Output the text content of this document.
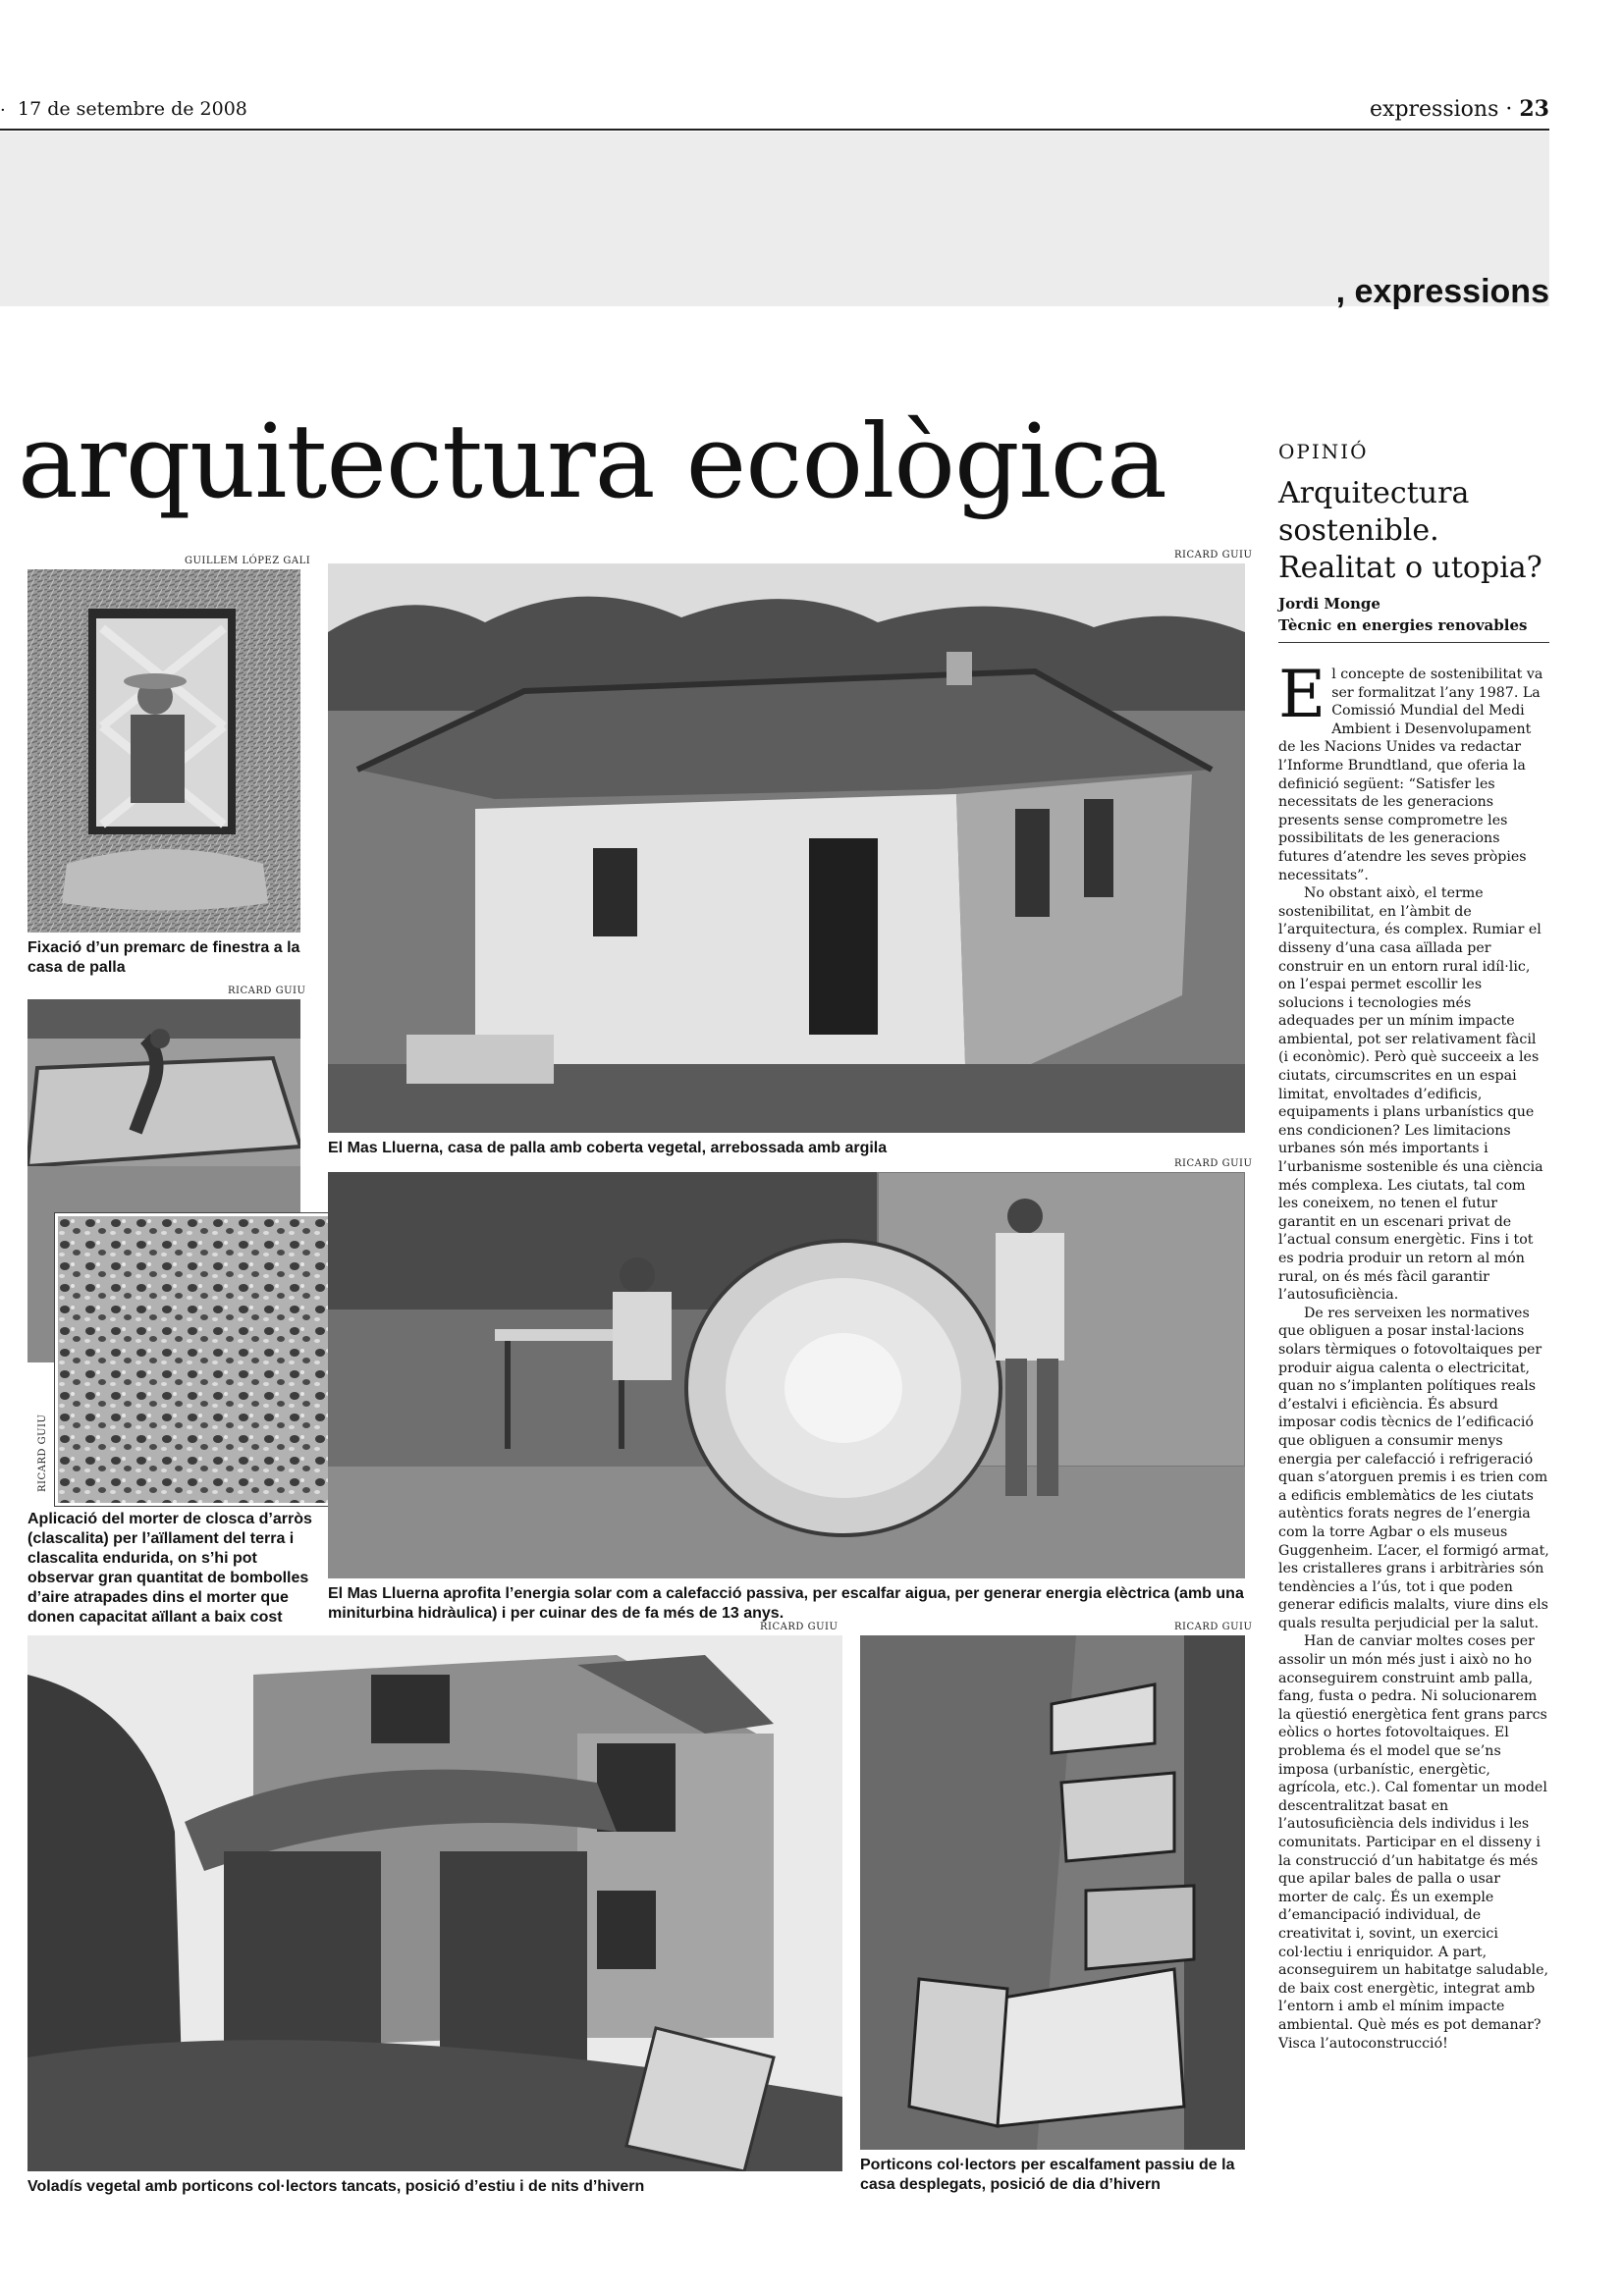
· 17 de setembre de 2008	expressions · 23
, expressions
arquitectura ecològica
GUILLEM LÓPEZ GALI
Fixació d’un premarc de finestra a la casa de palla
RICARD GUIU
El Mas Lluerna, casa de palla amb coberta vegetal, arrebossada amb argila
RICARD GUIU
RICARD GUIU
Aplicació del morter de closca d’arròs (clascalita) per l’aïllament del terra i clascalita endurida, on s’hi pot observar gran quantitat de bombolles d’aire atrapades dins el morter que donen capacitat aïllant a baix cost
RICARD GUIU
El Mas Lluerna aprofita l’energia solar com a calefacció passiva, per escalfar aigua, per generar energia elèctrica (amb una miniturbina hidràulica) i per cuinar des de fa més de 13 anys.
RICARD GUIU
Voladís vegetal amb porticons col·lectors tancats, posició d’estiu i de nits d’hivern
RICARD GUIU
Porticons col·lectors per escalfament passiu de la casa desplegats, posició de dia d’hivern
OPINIÓ
Arquitectura sostenible. Realitat o utopia?
Jordi Monge
Tècnic en energies renovables

El concepte de sostenibilitat va ser formalitzat l’any 1987. La Comissió Mundial del Medi Ambient i Desenvolupament de les Nacions Unides va redactar l’Informe Brundtland, que oferia la definició següent: “Satisfer les necessitats de les generacions presents sense comprometre les possibilitats de les generacions futures d’atendre les seves pròpies necessitats”.

No obstant això, el terme sostenibilitat, en l’àmbit de l’arquitectura, és complex. Rumiar el disseny d’una casa aïllada per construir en un entorn rural idíl·lic, on l’espai permet escollir les solucions i tecnologies més adequades per un mínim impacte ambiental, pot ser relativament fàcil (i econòmic). Però què succeeix a les ciutats, circumscrites en un espai limitat, envoltades d’edificis, equipaments i plans urbanístics que ens condicionen? Les limitacions urbanes són més importants i l’urbanisme sostenible és una ciència més complexa. Les ciutats, tal com les coneixem, no tenen el futur garantit en un escenari privat de l’actual consum energètic. Fins i tot es podria produir un retorn al món rural, on és més fàcil garantir l’autosuficiència.

De res serveixen les normatives que obliguen a posar instal·lacions solars tèrmiques o fotovoltaiques per produir aigua calenta o electricitat, quan no s’implanten polítiques reals d’estalvi i eficiència. És absurd imposar codis tècnics de l’edificació que obliguen a consumir menys energia per calefacció i refrigeració quan s’atorguen premis i es trien com a edificis emblemàtics de les ciutats autèntics forats negres de l’energia com la torre Agbar o els museus Guggenheim. L’acer, el formigó armat, les cristalleres grans i arbitràries són tendències a l’ús, tot i que poden generar edificis malalts, viure dins els quals resulta perjudicial per la salut.

Han de canviar moltes coses per assolir un món més just i això no ho aconseguirem construint amb palla, fang, fusta o pedra. Ni solucionarem la qüestió energètica fent grans parcs eòlics o hortes fotovoltaiques. El problema és el model que se’ns imposa (urbanístic, energètic, agrícola, etc.). Cal fomentar un model descentralitzat basat en l’autosuficiència dels individus i les comunitats. Participar en el disseny i la construcció d’un habitatge és més que apilar bales de palla o usar morter de calç. És un exemple d’emancipació individual, de creativitat i, sovint, un exercici col·lectiu i enriquidor. A part, aconseguirem un habitatge saludable, de baix cost energètic, integrat amb l’entorn i amb el mínim impacte ambiental. Què més es pot demanar? Visca l’autoconstrucció!
